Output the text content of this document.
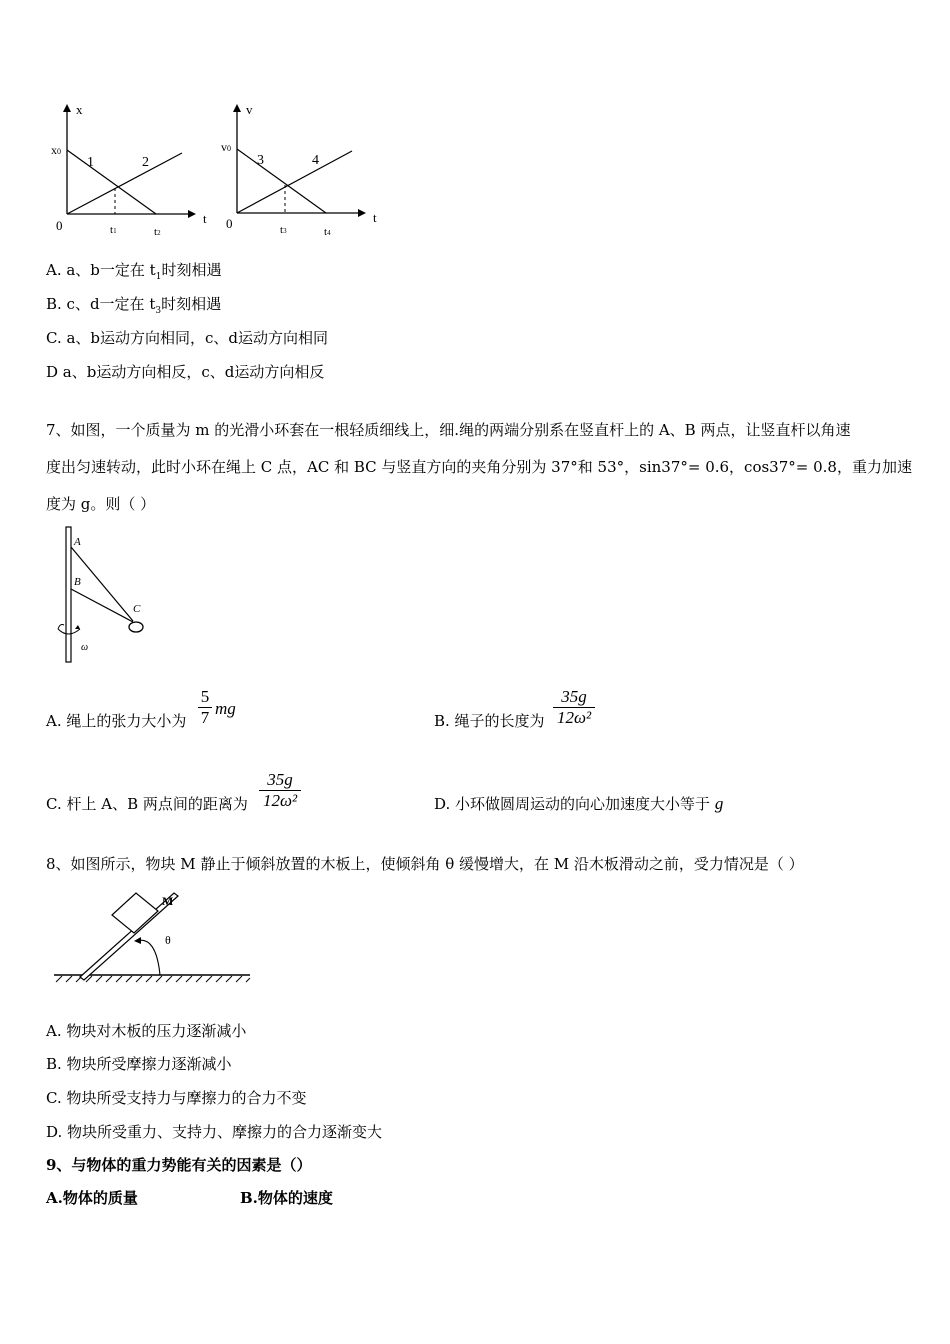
x
t
0
x0
1	2
t1	t2
v
t
0
v0
3	4
t3	t4
A. a、b一定在 $t_1$时刻相遇
B. c、d一定在 $t_3$时刻相遇
C. a、b运动方向相同，c、d运动方向相同
D a、b运动方向相反，c、d运动方向相反
7、如图，一个质量为 m 的光滑小环套在一根轻质细线上，细.绳的两端分别系在竖直杆上的 A、B 两点，让竖直杆以角速
度出匀速转动，此时小环在绳上 C 点，AC 和 BC 与竖直方向的夹角分别为 37°和 53°，sin37°= 0.6，cos37°= 0.8，重力加速
度为 g。则（ ）
A
B
C
ω
A. 绳上的张力大小为
5
7 mg
B. 绳子的长度为
35g
12ω²
C. 杆上 A、B 两点间的距离为
35g
12ω²	D. 小环做圆周运动的向心加速度大小等于 g
8、如图所示，物块 M 静止于倾斜放置的木板上，使倾斜角 θ 缓慢增大，在 M 沿木板滑动之前，受力情况是（ ）
M
θ
A. 物块对木板的压力逐渐减小
B. 物块所受摩擦力逐渐减小
C. 物块所受支持力与摩擦力的合力不变
D. 物块所受重力、支持力、摩擦力的合力逐渐变大
9、与物体的重力势能有关的因素是（）
A.物体的质量	B.物体的速度
